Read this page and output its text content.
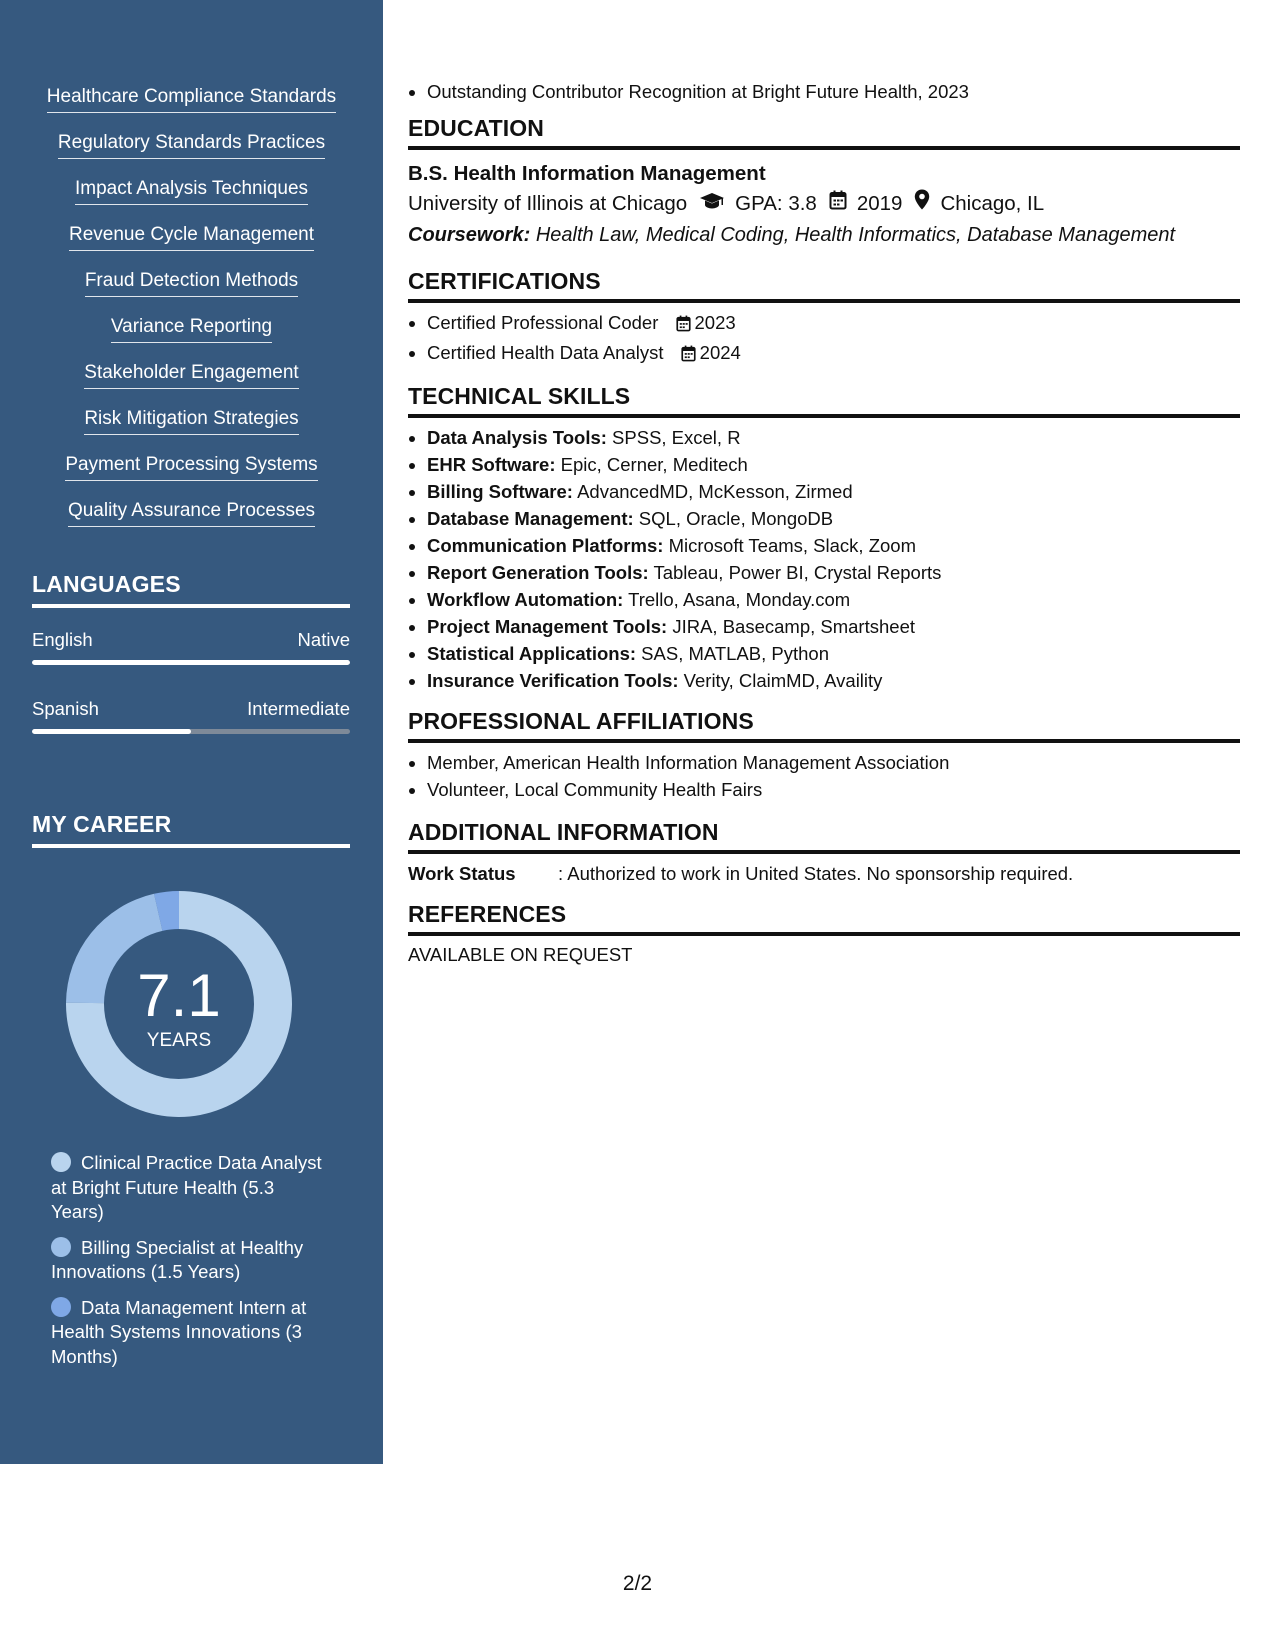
Healthcare Compliance Standards
Regulatory Standards Practices
Impact Analysis Techniques
Revenue Cycle Management
Fraud Detection Methods
Variance Reporting
Stakeholder Engagement
Risk Mitigation Strategies
Payment Processing Systems
Quality Assurance Processes
LANGUAGES
English	Native
Spanish	Intermediate
MY CAREER
7.1
YEARS
Clinical Practice Data Analyst at Bright Future Health (5.3 Years)
Billing Specialist at Healthy Innovations (1.5 Years)
Data Management Intern at Health Systems Innovations (3 Months)
• Outstanding Contributor Recognition at Bright Future Health, 2023
EDUCATION
B.S. Health Information Management
University of Illinois at Chicago GPA: 3.8 2019 Chicago, IL
Coursework: Health Law, Medical Coding, Health Informatics, Database Management
CERTIFICATIONS
• Certified Professional Coder 2023
• Certified Health Data Analyst 2024
TECHNICAL SKILLS
• Data Analysis Tools: SPSS, Excel, R
• EHR Software: Epic, Cerner, Meditech
• Billing Software: AdvancedMD, McKesson, Zirmed
• Database Management: SQL, Oracle, MongoDB
• Communication Platforms: Microsoft Teams, Slack, Zoom
• Report Generation Tools: Tableau, Power BI, Crystal Reports
• Workflow Automation: Trello, Asana, Monday.com
• Project Management Tools: JIRA, Basecamp, Smartsheet
• Statistical Applications: SAS, MATLAB, Python
• Insurance Verification Tools: Verity, ClaimMD, Availity
PROFESSIONAL AFFILIATIONS
• Member, American Health Information Management Association
• Volunteer, Local Community Health Fairs
ADDITIONAL INFORMATION
Work Status	: Authorized to work in United States. No sponsorship required.
REFERENCES
AVAILABLE ON REQUEST
2/2
